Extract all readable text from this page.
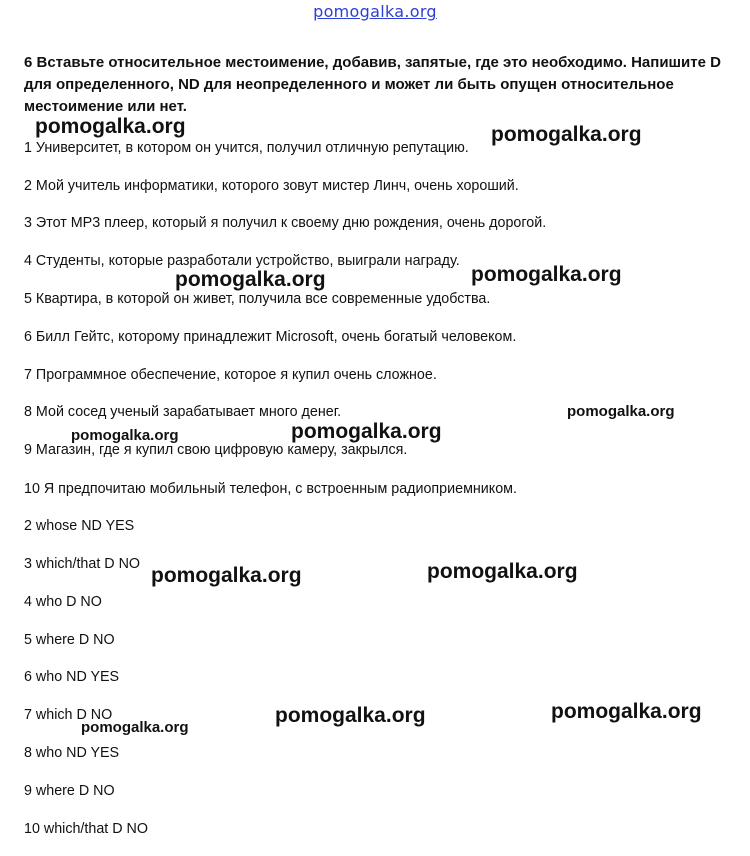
pomogalka.org
6 Вставьте относительное местоимение, добавив, запятые, где это необходимо. Напишите D для определенного, ND для неопределенного и может ли быть опущен относительное местоимение или нет.
1 Университет, в котором он учится, получил отличную репутацию.
2 Мой учитель информатики, которого зовут мистер Линч, очень хороший.
3 Этот MP3 плеер, который я получил к своему дню рождения, очень дорогой.
4 Студенты, которые разработали устройство, выиграли награду.
5 Квартира, в которой он живет, получила все современные удобства.
6 Билл Гейтс, которому принадлежит Microsoft, очень богатый человеком.
7 Программное обеспечение, которое я купил очень сложное.
8 Мой сосед ученый зарабатывает много денег.
9 Магазин, где я купил свою цифровую камеру, закрылся.
10 Я предпочитаю мобильный телефон, с встроенным радиоприемником.
2 whose ND YES
3 which/that D NO
4 who D NO
5 where D NO
6 who ND YES
7 which D NO
8 who ND YES
9 where D NO
10 which/that D NO
pomogalka.org	pomogalka.org
pomogalka.org	pomogalka.org
pomogalka.org
pomogalka.org	pomogalka.org
pomogalka.org	pomogalka.org
pomogalka.org	pomogalka.org
pomogalka.org
